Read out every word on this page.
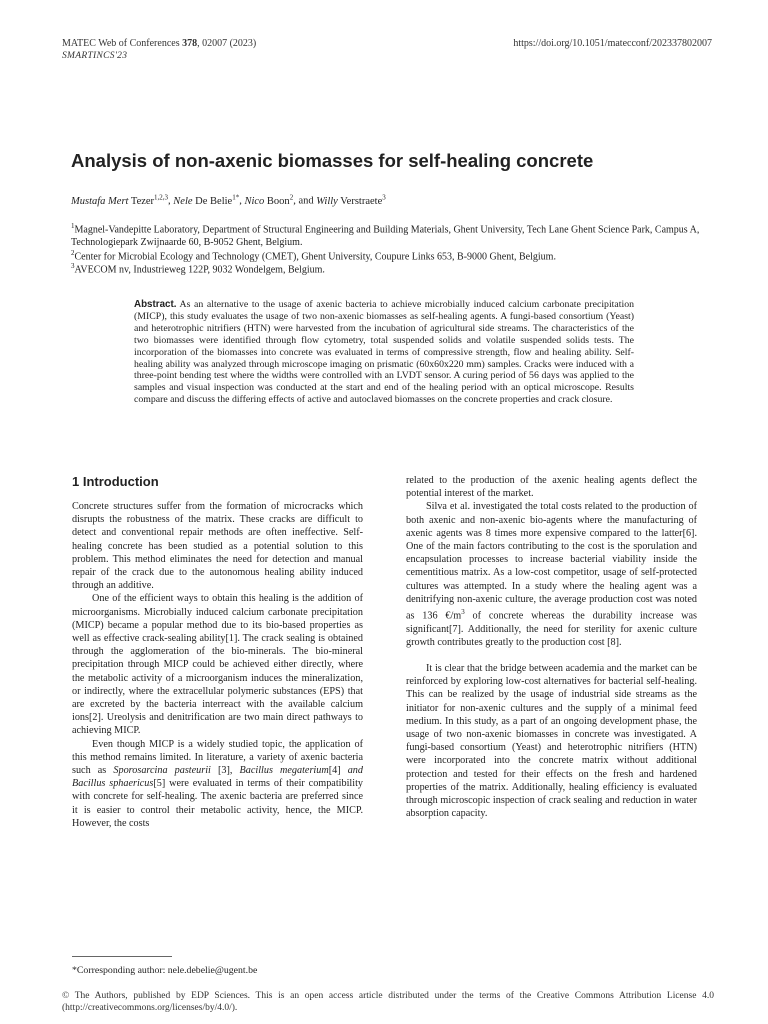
MATEC Web of Conferences 378, 02007 (2023)
SMARTINCS'23
https://doi.org/10.1051/matecconf/202337802007
Analysis of non-axenic biomasses for self-healing concrete
Mustafa Mert Tezer$^{1,2,3}$, Nele De Belie$^{1*}$, Nico Boon$^2$, and Willy Verstraete$^3$
$^1$Magnel-Vandepitte Laboratory, Department of Structural Engineering and Building Materials, Ghent University, Tech Lane Ghent Science Park, Campus A, Technologiepark Zwijnaarde 60, B-9052 Ghent, Belgium.
$^2$Center for Microbial Ecology and Technology (CMET), Ghent University, Coupure Links 653, B-9000 Ghent, Belgium.
$^3$AVECOM nv, Industrieweg 122P, 9032 Wondelgem, Belgium.
Abstract. As an alternative to the usage of axenic bacteria to achieve microbially induced calcium carbonate precipitation (MICP), this study evaluates the usage of two non-axenic biomasses as self-healing agents. A fungi-based consortium (Yeast) and heterotrophic nitrifiers (HTN) were harvested from the incubation of agricultural side streams. The characteristics of the two biomasses were identified through flow cytometry, total suspended solids and volatile suspended solids tests. The incorporation of the biomasses into concrete was evaluated in terms of compressive strength, flow and healing ability. Self-healing ability was analyzed through microscope imaging on prismatic (60x60x220 mm) samples. Cracks were induced with a three-point bending test where the widths were controlled with an LVDT sensor. A curing period of 56 days was applied to the samples and visual inspection was conducted at the start and end of the healing period with an optical microscope. Results compare and discuss the differing effects of active and autoclaved biomasses on the concrete properties and crack closure.
1 Introduction

Concrete structures suffer from the formation of microcracks which disrupts the robustness of the matrix. These cracks are difficult to detect and conventional repair methods are often ineffective. Self-healing concrete has been studied as a potential solution to this problem. This method eliminates the need for detection and manual repair of the crack due to the autonomous healing ability induced through an additive.

One of the efficient ways to obtain this healing is the addition of microorganisms. Microbially induced calcium carbonate precipitation (MICP) became a popular method due to its bio-based properties as well as effective crack-sealing ability[1]. The crack sealing is obtained through the agglomeration of the bio-minerals. The bio-mineral precipitation through MICP could be achieved either directly, where the metabolic activity of a microorganism induces the mineralization, or indirectly, where the extracellular polymeric substances (EPS) that are excreted by the bacteria interreact with the available calcium ions[2]. Ureolysis and denitrification are two main direct pathways to achieving MICP.

Even though MICP is a widely studied topic, the application of this method remains limited. In literature, a variety of axenic bacteria such as Sporosarcina pasteurii [3], Bacillus megaterium[4] and Bacillus sphaericus[5] were evaluated in terms of their compatibility with concrete for self-healing. The axenic bacteria are preferred since it is easier to control their metabolic activity, hence, the MICP. However, the costs

related to the production of the axenic healing agents deflect the potential interest of the market.

Silva et al. investigated the total costs related to the production of both axenic and non-axenic bio-agents where the manufacturing of axenic agents was 8 times more expensive compared to the latter[6]. One of the main factors contributing to the cost is the sporulation and encapsulation processes to increase bacterial viability inside the cementitious matrix. As a low-cost competitor, usage of self-protected cultures was attempted. In a study where the healing agent was a denitrifying non-axenic culture, the average production cost was noted as 136 $€/m^3$ of concrete whereas the durability increase was significant[7]. Additionally, the need for sterility for axenic culture growth contributes greatly to the production cost [8].

It is clear that the bridge between academia and the market can be reinforced by exploring low-cost alternatives for bacterial self-healing. This can be realized by the usage of industrial side streams as the initiator for non-axenic cultures and the supply of a minimal feed medium. In this study, as a part of an ongoing development phase, the usage of two non-axenic biomasses in concrete was investigated. A fungi-based consortium (Yeast) and heterotrophic nitrifiers (HTN) were incorporated into the concrete matrix without additional protection and tested for their effects on the fresh and hardened properties of the matrix. Additionally, healing efficiency is evaluated through microscopic inspection of crack sealing and reduction in water absorption capacity.

*Corresponding author: nele.debelie@ugent.be
© The Authors, published by EDP Sciences. This is an open access article distributed under the terms of the Creative Commons Attribution License 4.0 (http://creativecommons.org/licenses/by/4.0/).
